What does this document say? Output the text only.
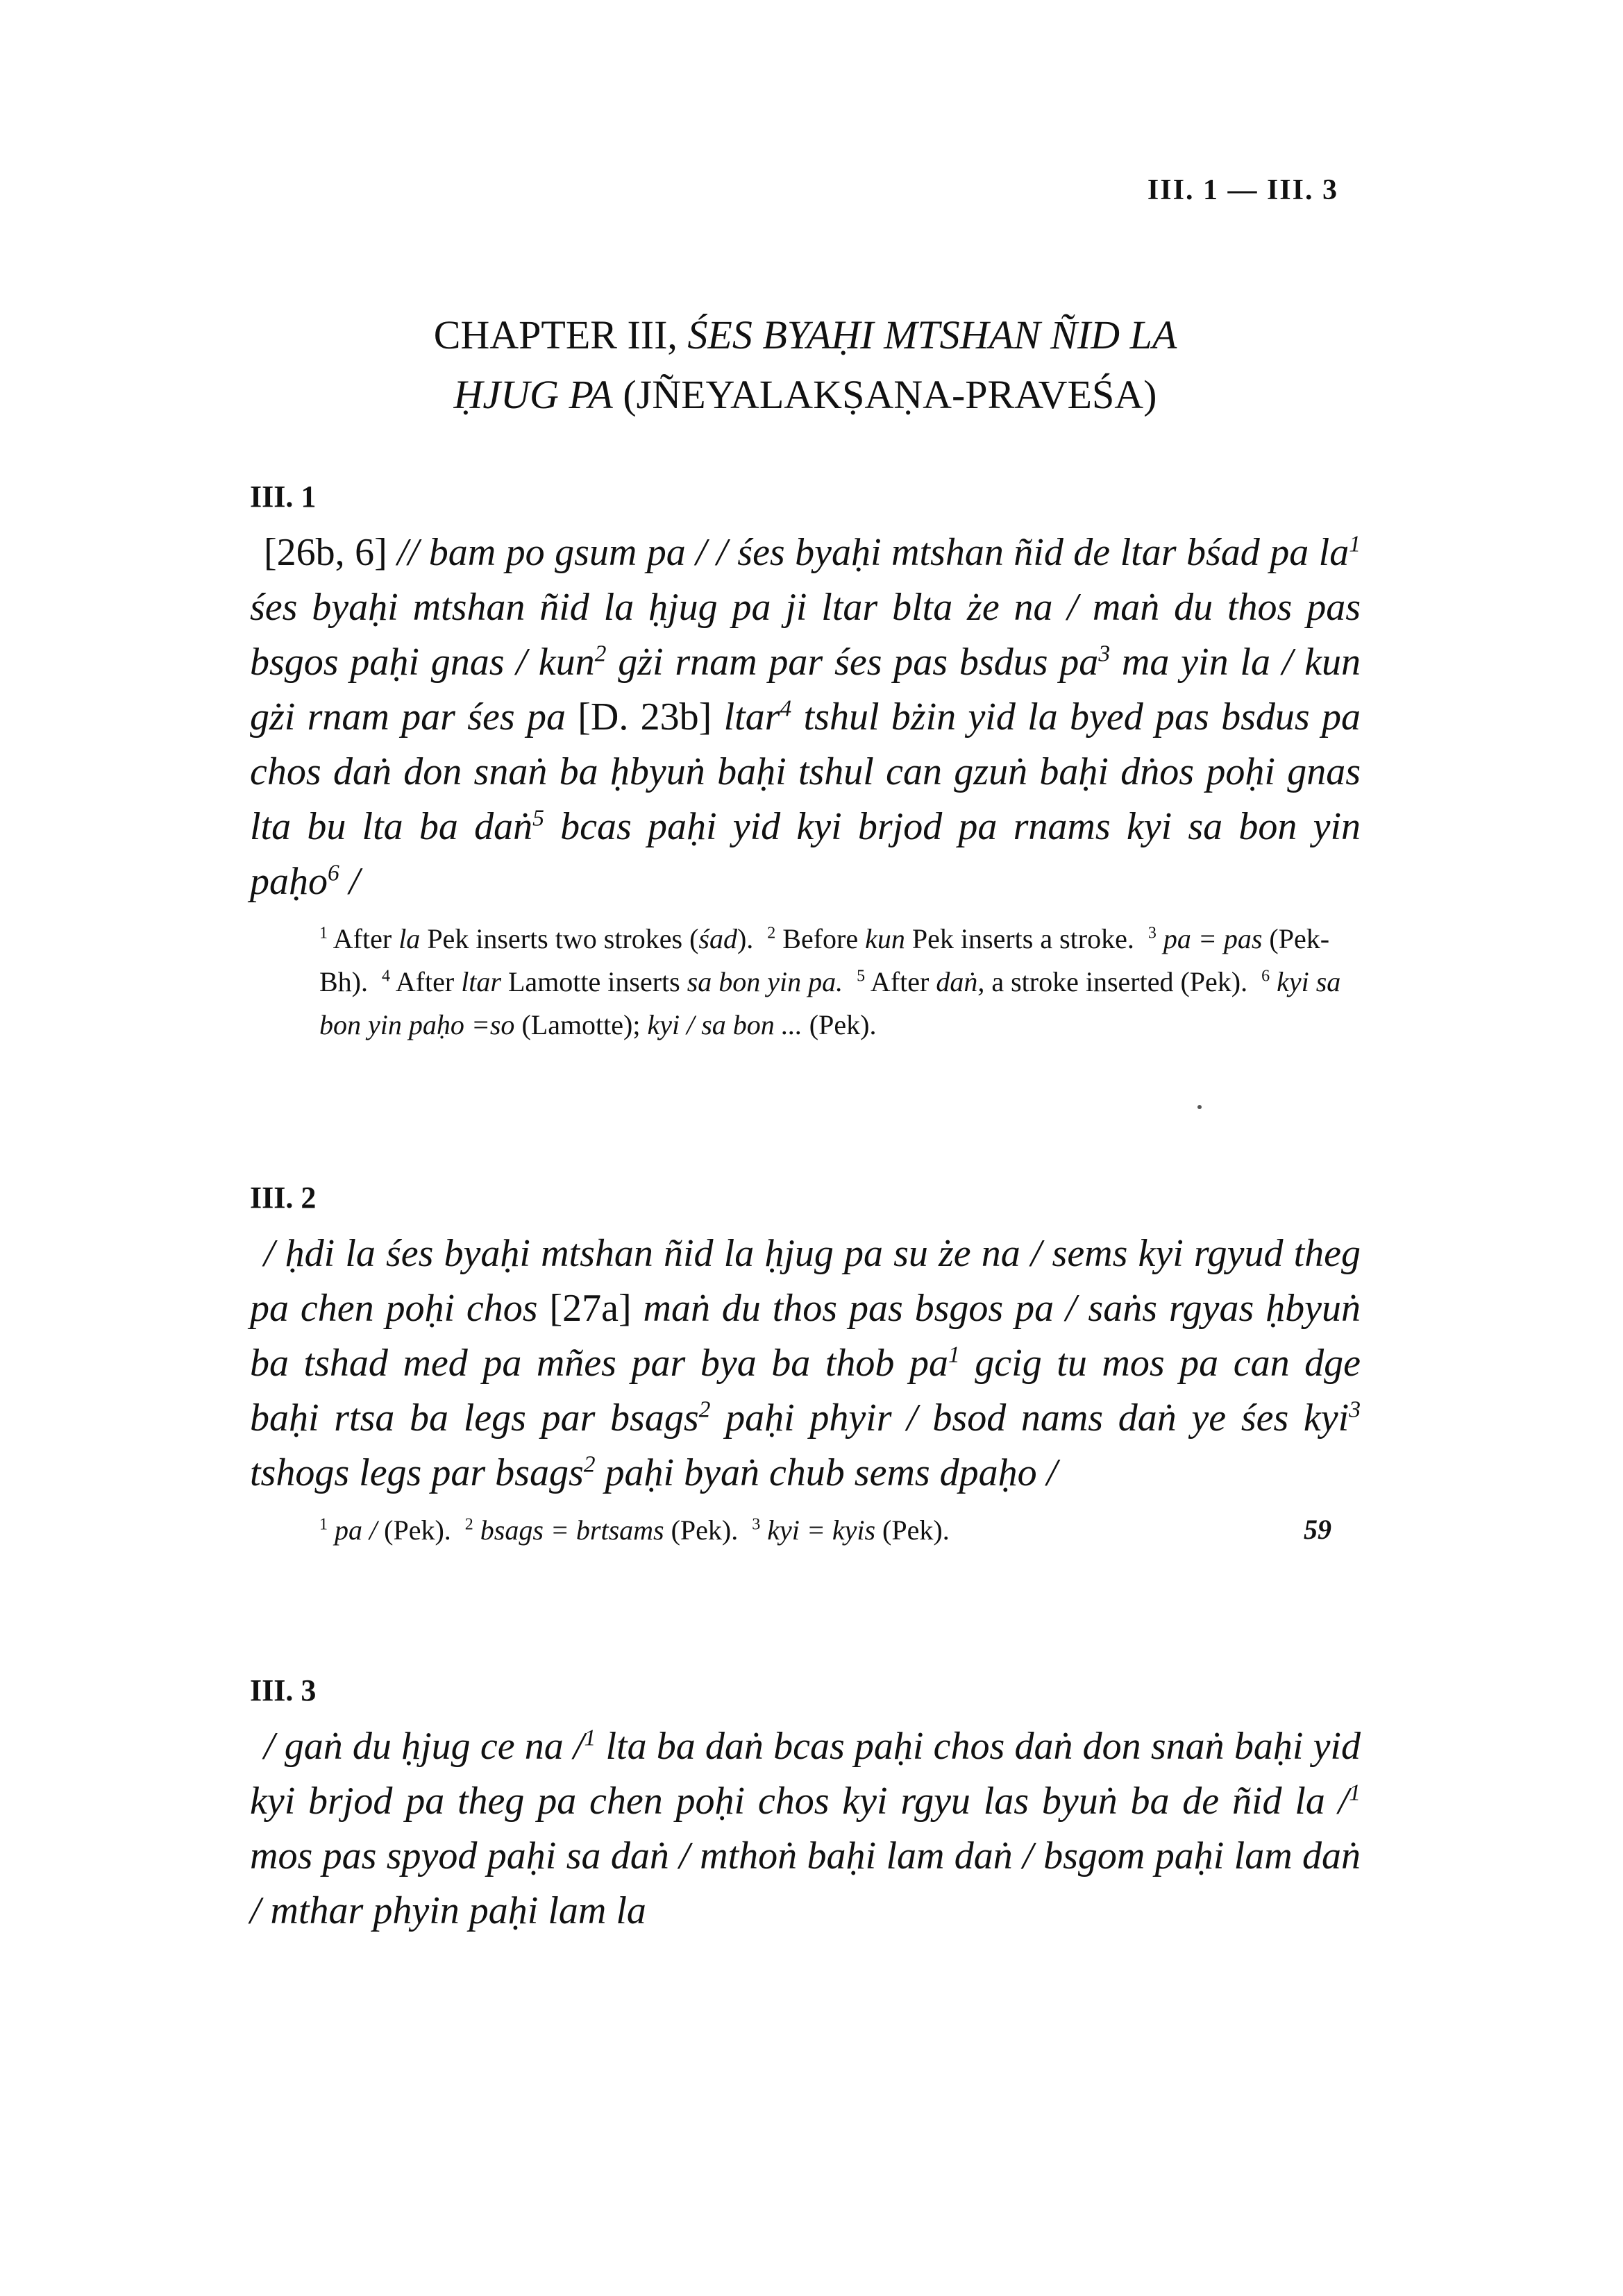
III. 1 — III. 3
CHAPTER III, ŚES BYAḤI MTSHAN ÑID LA
ḤJUG PA (JÑEYALAKṢAṆA-PRAVEŚA)
III. 1

[26b, 6] // bam po gsum pa / / śes byaḥi mtshan ñid de ltar bśad pa $la^1$ śes byaḥi mtshan ñid la ḥjug pa ji ltar blta że na / maṅ du thos pas bsgos paḥi gnas / kun$^2$ gżi rnam par śes pas bsdus $pa^3$ ma yin la / kun gżi rnam par śes pa [D. 23b] ltar$^4$ tshul bżin yid la byed pas bsdus pa chos daṅ don snaṅ ba ḥbyuṅ baḥi tshul can gzuṅ baḥi dṅos poḥi gnas lta bu lta ba daṅ$^5$ bcas paḥi yid kyi brjod pa rnams kyi sa bon yin paḥo$^6$ /

$^1$ After la Pek inserts two strokes (śad). $^2$ Before kun Pek inserts a stroke. $^3$ pa = pas (Pek-Bh). $^4$ After ltar Lamotte inserts sa bon yin pa. $^5$ After daṅ, a stroke inserted (Pek). $^6$ kyi sa bon yin paḥo =so (Lamotte); kyi / sa bon ... (Pek).
III. 2

/ ḥdi la śes byaḥi mtshan ñid la ḥjug pa su że na / sems kyi rgyud theg pa chen poḥi chos [27a] maṅ du thos pas bsgos pa / saṅs rgyas ḥbyuṅ ba tshad med pa mñes par bya ba thob $pa^1$ gcig tu mos pa can dge baḥi rtsa ba legs par bsags$^2$ paḥi phyir / bsod nams daṅ ye śes kyi$^3$ tshogs legs par bsags$^2$ paḥi byaṅ chub sems dpaḥo /

$^1$ pa / (Pek). $^2$ bsags = brtsams (Pek). $^3$ kyi = kyis (Pek).
III. 3

/ gaṅ du ḥjug ce na /$^1$ lta ba daṅ bcas paḥi chos daṅ don snaṅ baḥi yid kyi brjod pa theg pa chen poḥi chos kyi rgyu las byuṅ ba de ñid la /$^1$ mos pas spyod paḥi sa daṅ / mthoṅ baḥi lam daṅ / bsgom paḥi lam daṅ / mthar phyin paḥi lam la

59
